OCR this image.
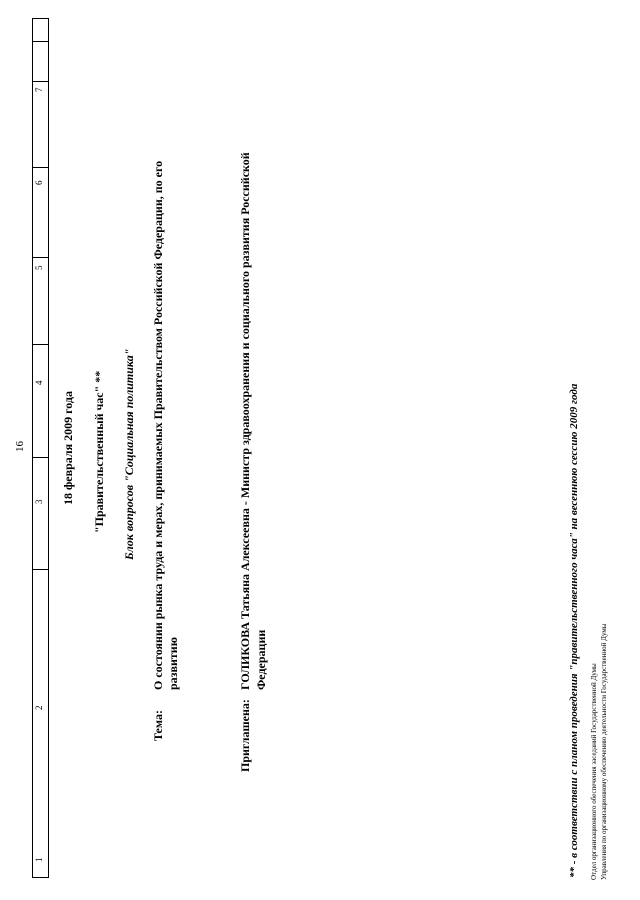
1
2
3
4
5
6
7
16	18 февраля 2009 года "Правительственный час" ** Блок вопросов "Социальная политика"
Тема:
О состоянии рынка труда и мерах, принимаемых Правительством Российской Федерации, по его развитию
Приглашена:
ГОЛИКОВА Татьяна Алексеевна - Министр здравоохранения и социального развития Российской Федерации	** - в соответствии с планом проведения "правительственного часа" на весеннюю сессию 2009 года Отдел организационного обеспечения заседаний Государственной Думы Управления по организационному обеспечению деятельности Государственной Думы
